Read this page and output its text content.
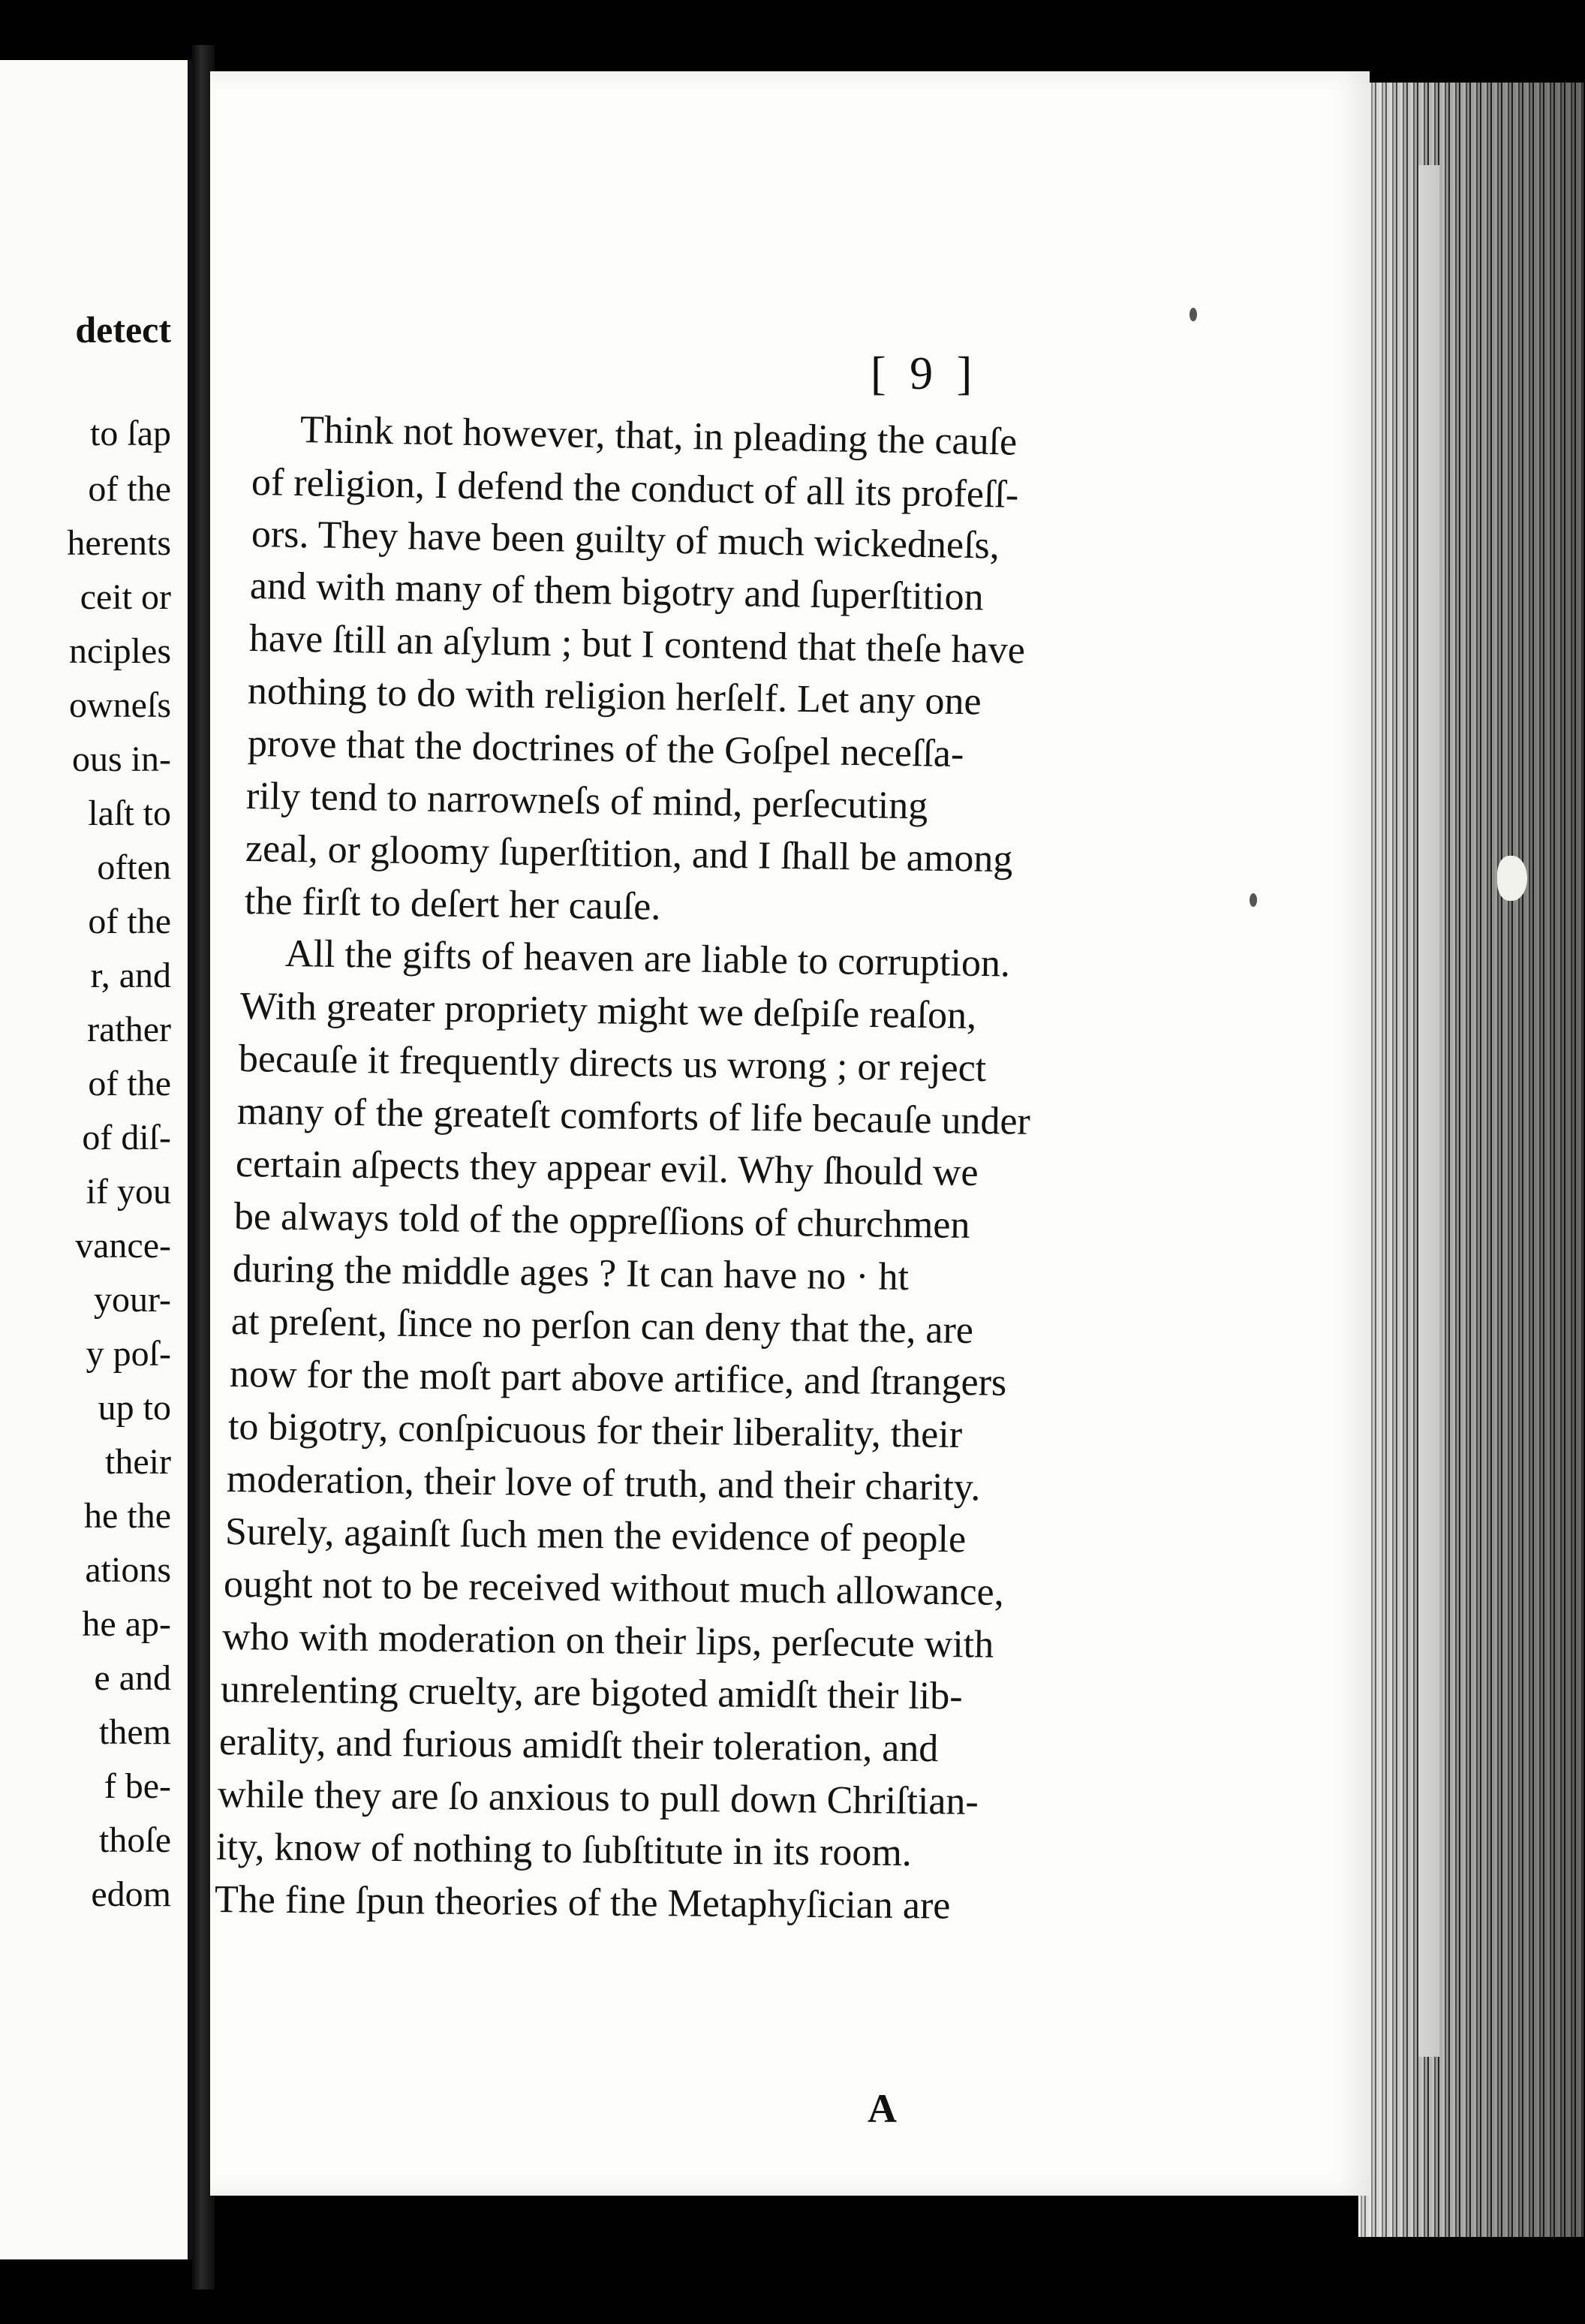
detect
to ſap
of the
herents
ceit or
nciples
owneſs
ous in-
laſt to
often
of the
r, and
rather
of the
of diſ-
if you
vance-
your-
y poſ-
up to
their
he the
ations
he ap-
e and
them
f be-
thoſe
edom
[ 9 ]
Think not however, that, in pleading the cauſe
of religion, I defend the conduct of all its profeſſ-
ors. They have been guilty of much wickedneſs,
and with many of them bigotry and ſuperſtition
have ſtill an aſylum ; but I contend that theſe have
nothing to do with religion herſelf. Let any one
prove that the doctrines of the Goſpel neceſſa-
rily tend to narrowneſs of mind, perſecuting
zeal, or gloomy ſuperſtition, and I ſhall be among
the firſt to deſert her cauſe.
All the gifts of heaven are liable to corruption.
With greater propriety might we deſpiſe reaſon,
becauſe it frequently directs us wrong ; or reject
many of the greateſt comforts of life becauſe under
certain aſpects they appear evil. Why ſhould we
be always told of the oppreſſions of churchmen
during the middle ages ? It can have no · ht
at preſent, ſince no perſon can deny that the, are
now for the moſt part above artifice, and ſtrangers
to bigotry, conſpicuous for their liberality, their
moderation, their love of truth, and their charity.
Surely, againſt ſuch men the evidence of people
ought not to be received without much allowance,
who with moderation on their lips, perſecute with
unrelenting cruelty, are bigoted amidſt their lib-
erality, and furious amidſt their toleration, and
while they are ſo anxious to pull down Chriſtian-
ity, know of nothing to ſubſtitute in its room.
The fine ſpun theories of the Metaphyſician are
A
